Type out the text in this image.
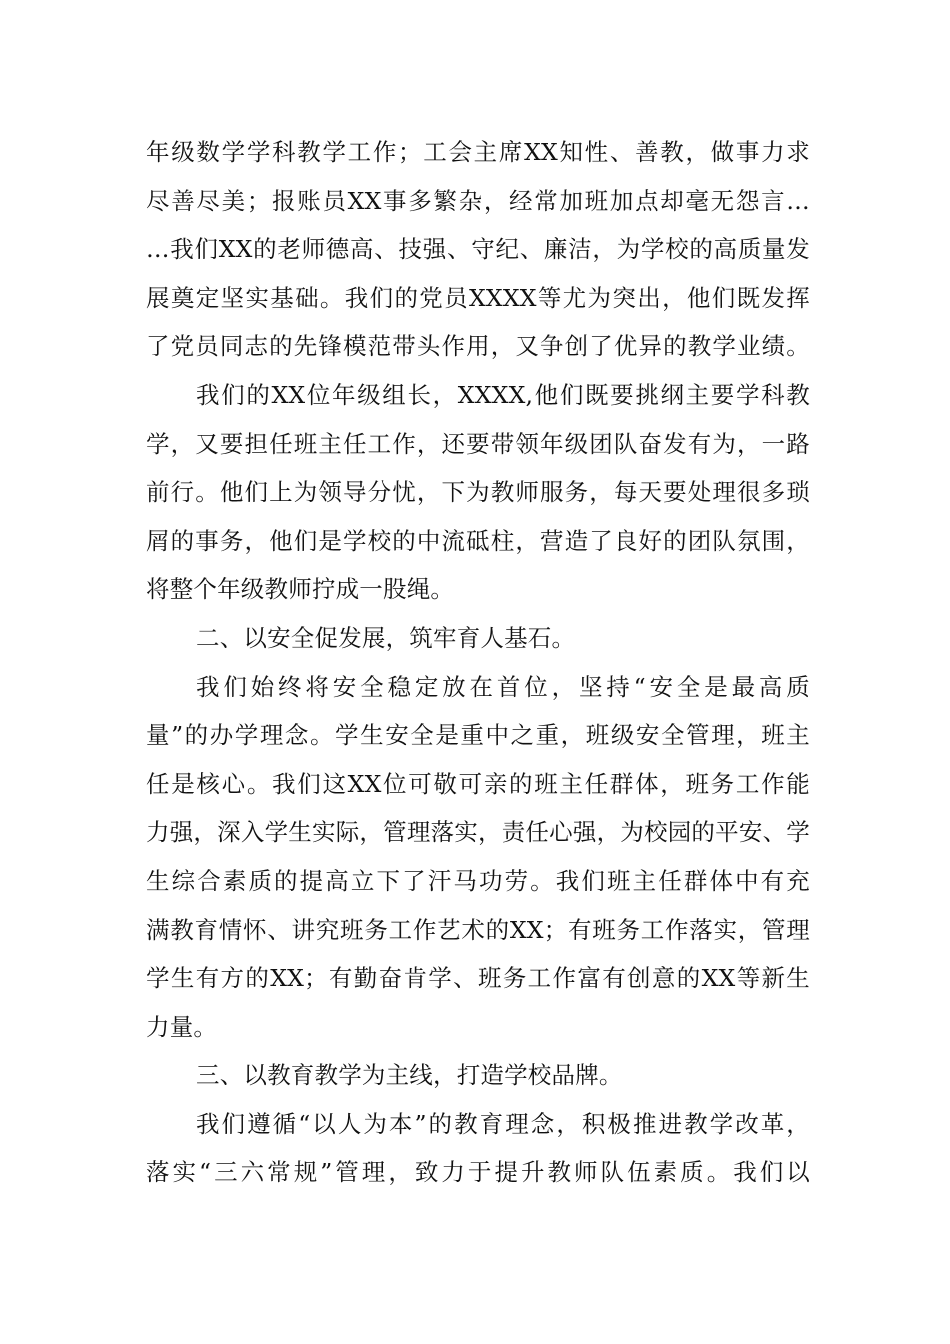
年级数学学科教学工作；工会主席XX知性、善教，做事力求
尽善尽美；报账员XX事多繁杂，经常加班加点却毫无怨言…
…我们XX的老师德高、技强、守纪、廉洁，为学校的高质量发
展奠定坚实基础。我们的党员XXXX等尤为突出，他们既发挥
了党员同志的先锋模范带头作用，又争创了优异的教学业绩。
我们的XX位年级组长，XXXX,他们既要挑纲主要学科教
学，又要担任班主任工作，还要带领年级团队奋发有为，一路
前行。他们上为领导分忧，下为教师服务，每天要处理很多琐
屑的事务，他们是学校的中流砥柱，营造了良好的团队氛围，
将整个年级教师拧成一股绳。
二、以安全促发展，筑牢育人基石。
我们始终将安全稳定放在首位，坚持“安全是最高质
量”的办学理念。学生安全是重中之重，班级安全管理，班主
任是核心。我们这XX位可敬可亲的班主任群体，班务工作能
力强，深入学生实际，管理落实，责任心强，为校园的平安、学
生综合素质的提高立下了汗马功劳。我们班主任群体中有充
满教育情怀、讲究班务工作艺术的XX；有班务工作落实，管理
学生有方的XX；有勤奋肯学、班务工作富有创意的XX等新生
力量。
三、以教育教学为主线，打造学校品牌。
我们遵循“以人为本”的教育理念，积极推进教学改革，
落实“三六常规”管理，致力于提升教师队伍素质。我们以
